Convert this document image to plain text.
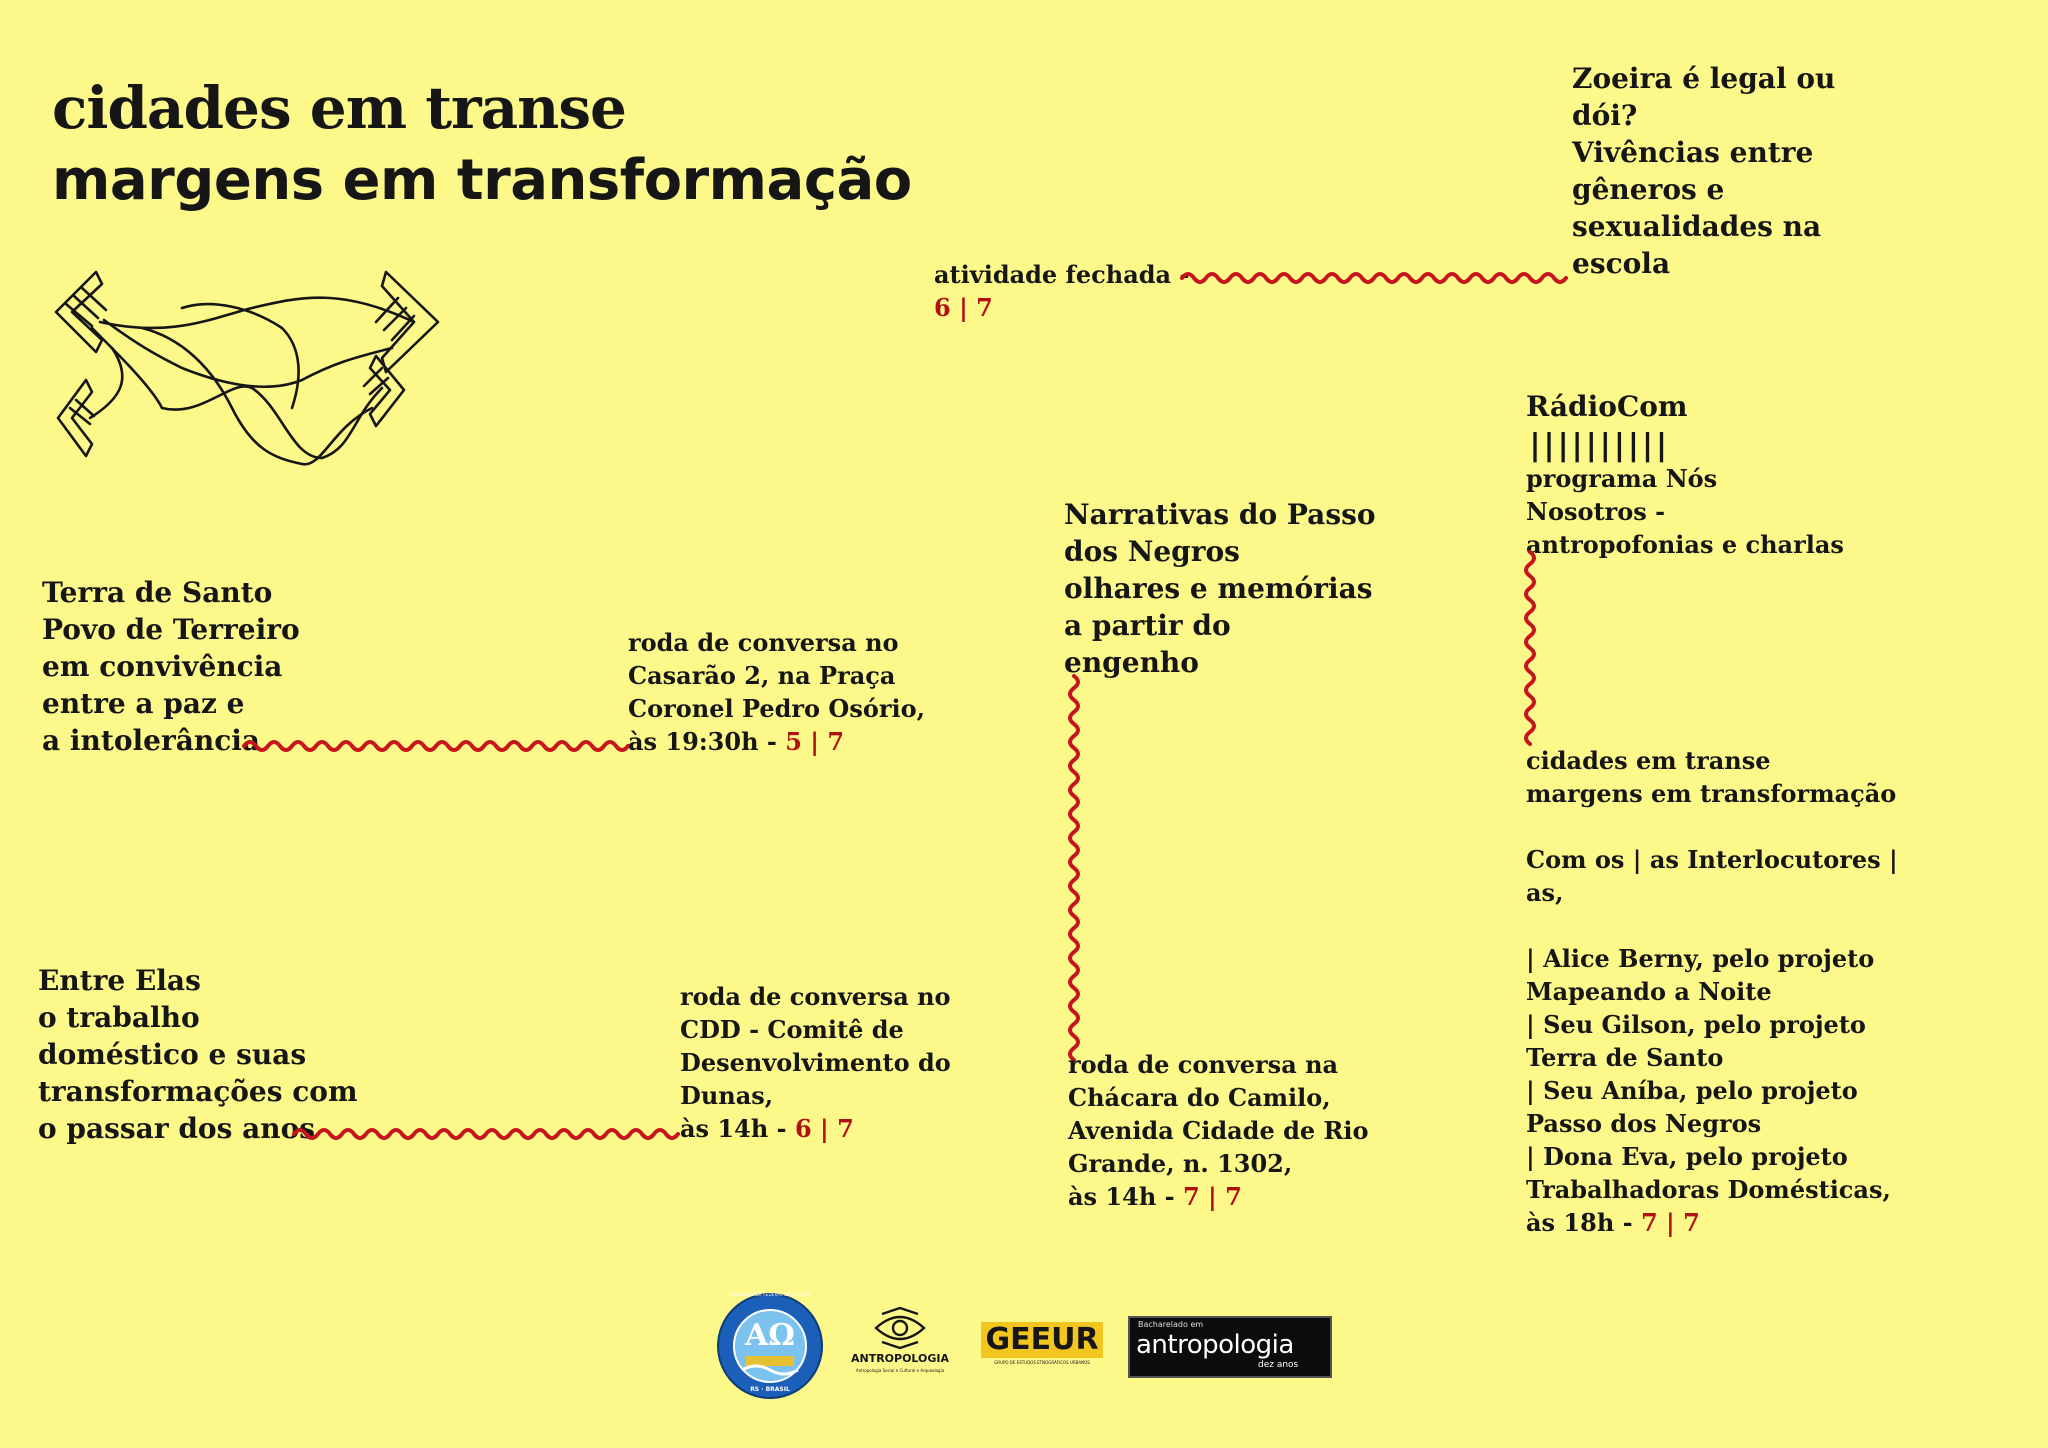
cidades em transe
margens em transformação
Zoeira é legal ou
dói?
Vivências entre
gêneros e
sexualidades na
escola
atividade fechada -
6 | 7
RádioCom
||||||||||
programa Nós
Nosotros -
antropofonias e charlas
Narrativas do Passo
dos Negros
olhares e memórias
a partir do
engenho
roda de conversa na
Chácara do Camilo,
Avenida Cidade de Rio
Grande, n. 1302,
às 14h - 7 | 7
Terra de Santo
Povo de Terreiro
em convivência
entre a paz e
a intolerância
roda de conversa no
Casarão 2, na Praça
Coronel Pedro Osório,
às 19:30h - 5 | 7
Entre Elas
o trabalho
doméstico e suas
transformações com
o passar dos anos
roda de conversa no
CDD - Comitê de
Desenvolvimento do
Dunas,
às 14h - 6 | 7
cidades em transe
margens em transformação
Com os | as Interlocutores |
as,
| Alice Berny, pelo projeto
Mapeando a Noite
| Seu Gilson, pelo projeto
Terra de Santo
| Seu Aníba, pelo projeto
Passo dos Negros
| Dona Eva, pelo projeto
Trabalhadoras Domésticas,
às 18h - 7 | 7
AΩ
UNIVERSIDADE FEDERAL DE PELOTAS
RS · BRASIL
ANTROPOLOGIA
Antropologia Social e Cultural e Arqueologia
GEEUR
GRUPO DE ESTUDOS ETNOGRÁFICOS URBANOS
Bacharelado em
antropologia
dez anos
